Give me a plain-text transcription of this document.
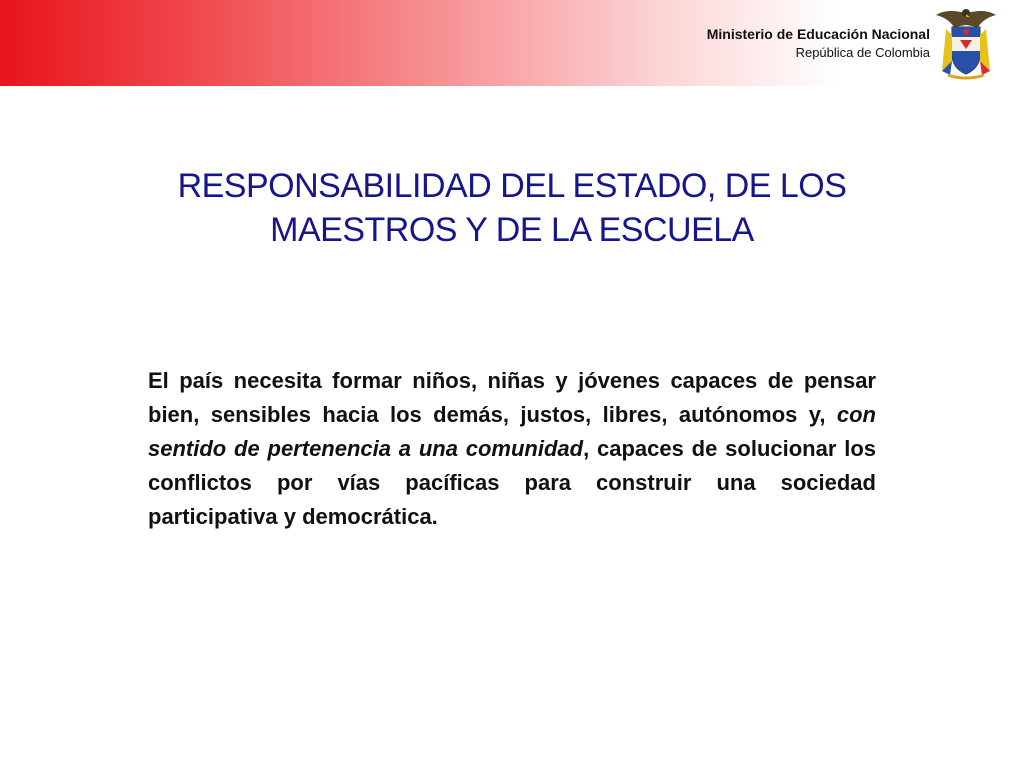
Ministerio de Educación Nacional
República de Colombia
RESPONSABILIDAD DEL ESTADO, DE LOS
MAESTROS Y DE LA ESCUELA

El país necesita formar niños, niñas y jóvenes capaces de pensar bien, sensibles hacia los demás, justos, libres, autónomos y, con sentido de pertenencia a una comunidad, capaces de solucionar los conflictos por vías pacíficas para construir una sociedad participativa y democrática.
